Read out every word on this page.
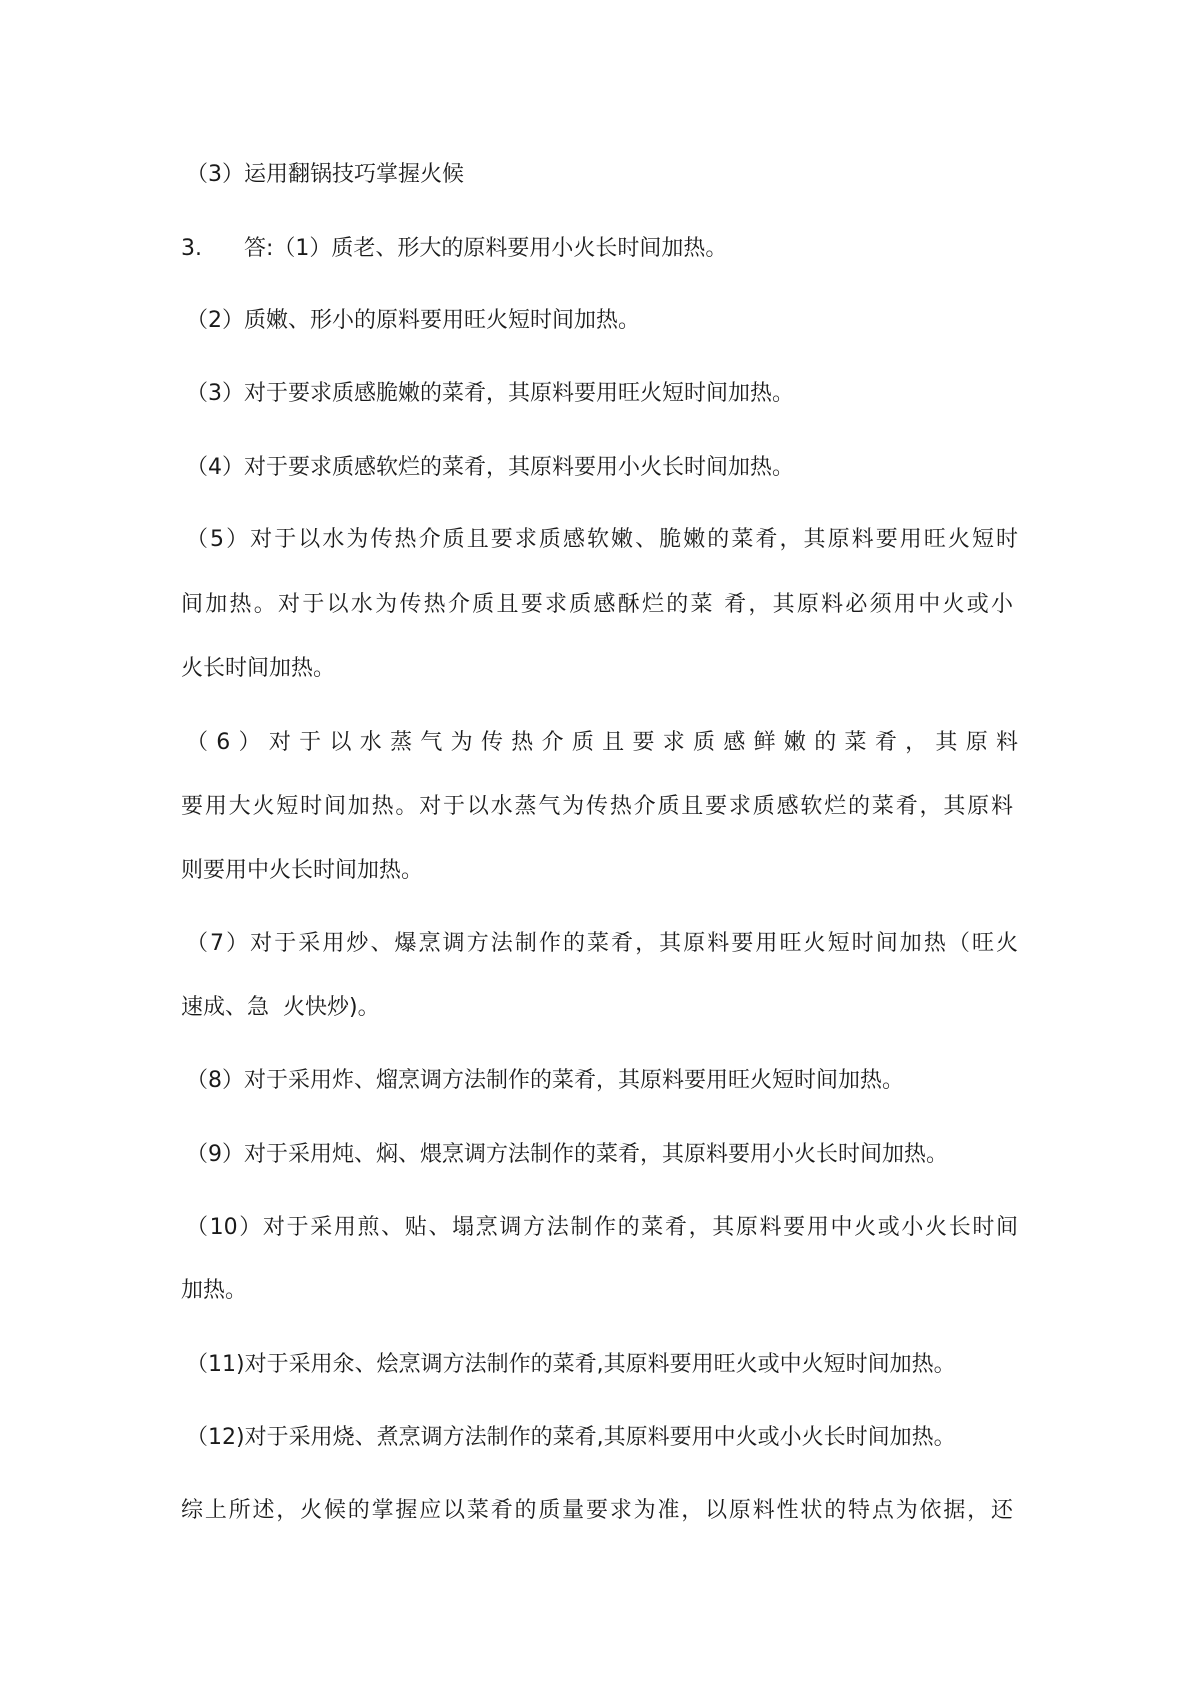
（3）运用翻锅技巧掌握火候
3.      答:（1）质老、形大的原料要用小火长时间加热。
（2）质嫩、形小的原料要用旺火短时间加热。
（3）对于要求质感脆嫩的菜肴，其原料要用旺火短时间加热。
（4）对于要求质感软烂的菜肴，其原料要用小火长时间加热。
（5）对于以水为传热介质且要求质感软嫩、脆嫩的菜肴，其原料要用旺火短时
间加热。对于以水为传热介质且要求质感酥烂的菜 肴，其原料必须用中火或小
火长时间加热。
（6）对于以水蒸气为传热介质且要求质感鲜嫩的菜肴，其原料
要用大火短时间加热。对于以水蒸气为传热介质且要求质感软烂的菜肴，其原料
则要用中火长时间加热。
（7）对于采用炒、爆烹调方法制作的菜肴，其原料要用旺火短时间加热（旺火
速成、急  火快炒)。
（8）对于采用炸、熘烹调方法制作的菜肴，其原料要用旺火短时间加热。
（9）对于采用炖、焖、煨烹调方法制作的菜肴，其原料要用小火长时间加热。
（10）对于采用煎、贴、塌烹调方法制作的菜肴，其原料要用中火或小火长时间
加热。
（11)对于采用氽、烩烹调方法制作的菜肴,其原料要用旺火或中火短时间加热。
（12)对于采用烧、煮烹调方法制作的菜肴,其原料要用中火或小火长时间加热。
综上所述，火候的掌握应以菜肴的质量要求为准，以原料性状的特点为依据，还
